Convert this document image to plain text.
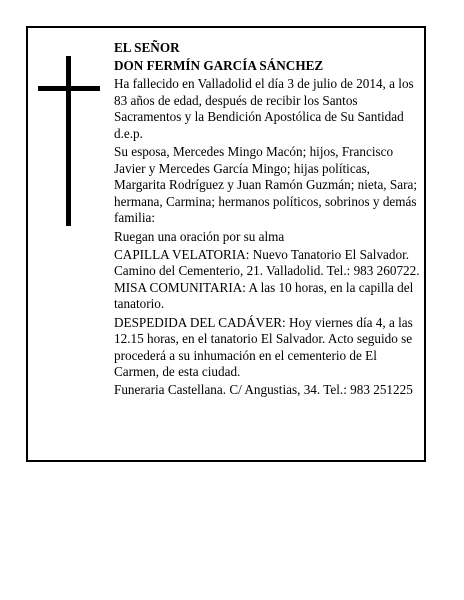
EL SEÑOR

DON FERMÍN GARCÍA SÁNCHEZ

Ha fallecido en Valladolid el día 3 de julio de 2014, a los 83 años de edad, después de recibir los Santos Sacramentos y la Bendición Apostólica de Su Santidad d.e.p.

Su esposa, Mercedes Mingo Macón; hijos, Francisco Javier y Mercedes García Mingo; hijas políticas, Margarita Rodríguez y Juan Ramón Guzmán; nieta, Sara; hermana, Carmina; hermanos políticos, sobrinos y demás familia:

Ruegan una oración por su alma

CAPILLA VELATORIA: Nuevo Tanatorio El Salvador. Camino del Cementerio, 21. Valladolid. Tel.: 983 260722. MISA COMUNITARIA: A las 10 horas, en la capilla del tanatorio.

DESPEDIDA DEL CADÁVER: Hoy viernes día 4, a las 12.15 horas, en el tanatorio El Salvador. Acto seguido se procederá a su inhumación en el cementerio de El Carmen, de esta ciudad.

Funeraria Castellana. C/ Angustias, 34. Tel.: 983 251225
